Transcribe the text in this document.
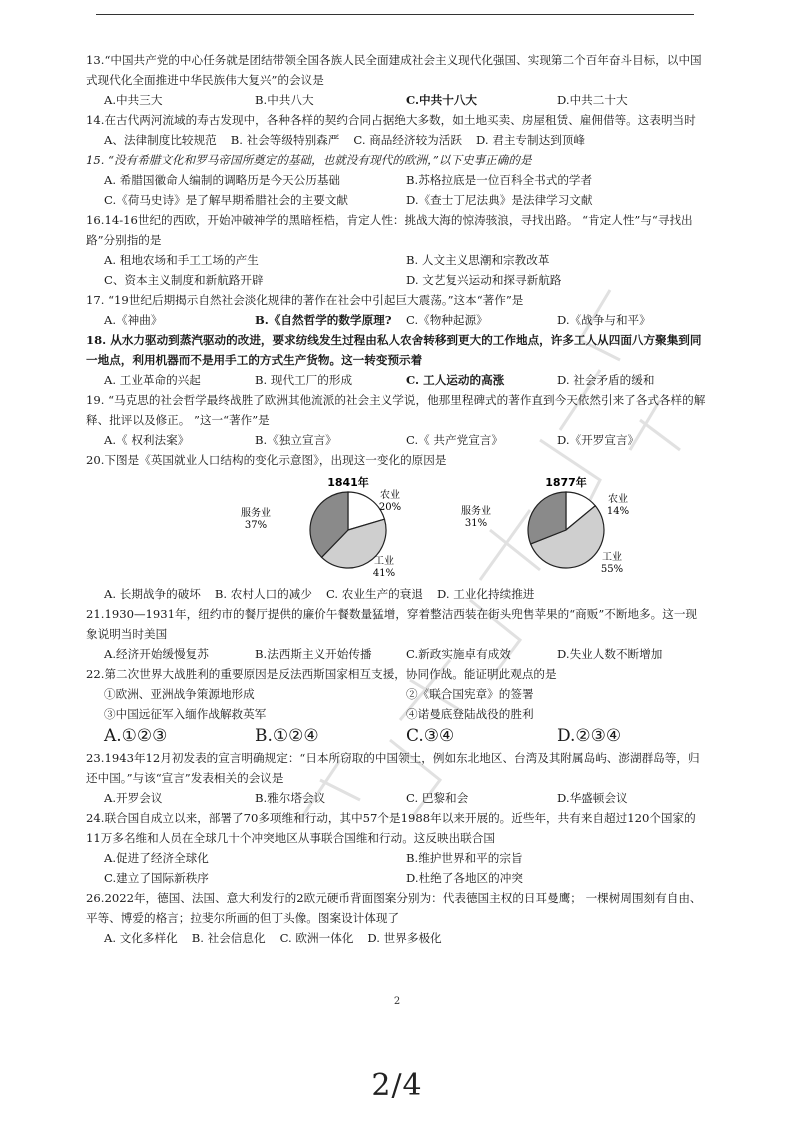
13.“中国共产党的中心任务就是团结带领全国各族人民全面建成社会主义现代化强国、实现第二个百年奋斗目标，以中国式现代化全面推进中华民族伟大复兴”的会议是

A.中共三大	B.中共八大	C.中共十八大	D.中共二十大

14.在古代两河流域的寿古发现中，各种各样的契约合同占据绝大多数，如土地买卖、房屋租赁、雇佣借等。这表明当时

A、法律制度比较规范 B. 社会等级特别森严 C. 商品经济较为活跃 D. 君主专制达到顶峰

15. “没有希腊文化和罗马帝国所奠定的基础，也就没有现代的欧洲，”以下史事正确的是

A. 希腊国徽命人编制的调略历是今天公历基础	B.苏格拉底是一位百科全书式的学者
C.《荷马史诗》是了解早期希腊社会的主要文献	D.《查士丁尼法典》是法律学习文献

16.14-16世纪的西欧，开始冲破神学的黑暗桎梏，肯定人性：挑战大海的惊涛骇浪，寻找出路。 “肯定人性”与“寻找出路”分别指的是

A. 租地农场和手工工场的产生	B. 人文主义思潮和宗教改革
C、资本主义制度和新航路开辟	D. 文艺复兴运动和探寻新航路

17. “19世纪后期揭示自然社会淡化规律的著作在社会中引起巨大震荡。”这本“著作”是

A.《神曲》	B.《自然哲学的数学原理?	C.《物种起源》	D.《战争与和平》

18. 从水力驱动到蒸汽驱动的改进，要求纺线发生过程由私人农舍转移到更大的工作地点，许多工人从四面八方聚集到同一地点，利用机器而不是用手工的方式生产货物。这一转变预示着

A. 工业革命的兴起	B. 现代工厂的形成	C. 工人运动的高涨	D. 社会矛盾的缓和

19. “马克思的社会哲学最终战胜了欧洲其他流派的社会主义学说，他那里程碑式的著作直到今天依然引来了各式各样的解释、批评以及修正。 ”这一“著作”是

A.《 权利法案》	B.《独立宣言》	C.《 共产党宣言》	D.《开罗宣言》

20.下图是《英国就业人口结构的变化示意图》，出现这一变化的原因是

1841年
农业 20%
工业 41%
服务业 37%
1877年
农业 14%
工业 55%
服务业 31%
A. 长期战争的破坏 B. 农村人口的减少 C. 农业生产的衰退 D. 工业化持续推进

21.1930—1931年，纽约市的餐厅提供的廉价午餐数量猛增，穿着整洁西装在街头兜售苹果的“商贩”不断地多。这一现象说明当时美国

A.经济开始缓慢复苏	B.法西斯主义开始传播	C.新政实施卓有成效	D.失业人数不断增加

22.第二次世界大战胜利的重要原因是反法西斯国家相互支援，协同作战。能证明此观点的是

①欧洲、亚洲战争策源地形成	②《联合国宪章》的签署
③中国远征军入缅作战解救英军	④诺曼底登陆战役的胜利
A.①②③	B.①②④	C.③④	D.②③④

23.1943年12月初发表的宣言明确规定：“日本所窃取的中国领土，例如东北地区、台湾及其附属岛屿、澎湖群岛等，归还中国。”与该“宣言”发表相关的会议是

A.开罗会议	B.雅尔塔会议	C. 巴黎和会	D.华盛顿会议

24.联合国自成立以来，部署了70多项维和行动，其中57个是1988年以来开展的。近些年，共有来自超过120个国家的11万多名维和人员在全球几十个冲突地区从事联合国维和行动。这反映出联合国

A.促进了经济全球化	B.维护世界和平的宗旨
C.建立了国际新秩序	D.杜绝了各地区的冲突

26.2022年，德国、法国、意大利发行的2欧元硬币背面图案分别为：代表德国主权的日耳曼鹰； 一棵树周围刻有自由、平等、博爱的格言；拉斐尔所画的但丁头像。图案设计体现了

A. 文化多样化 B. 社会信息化 C. 欧洲一体化 D. 世界多极化
2
2/4
